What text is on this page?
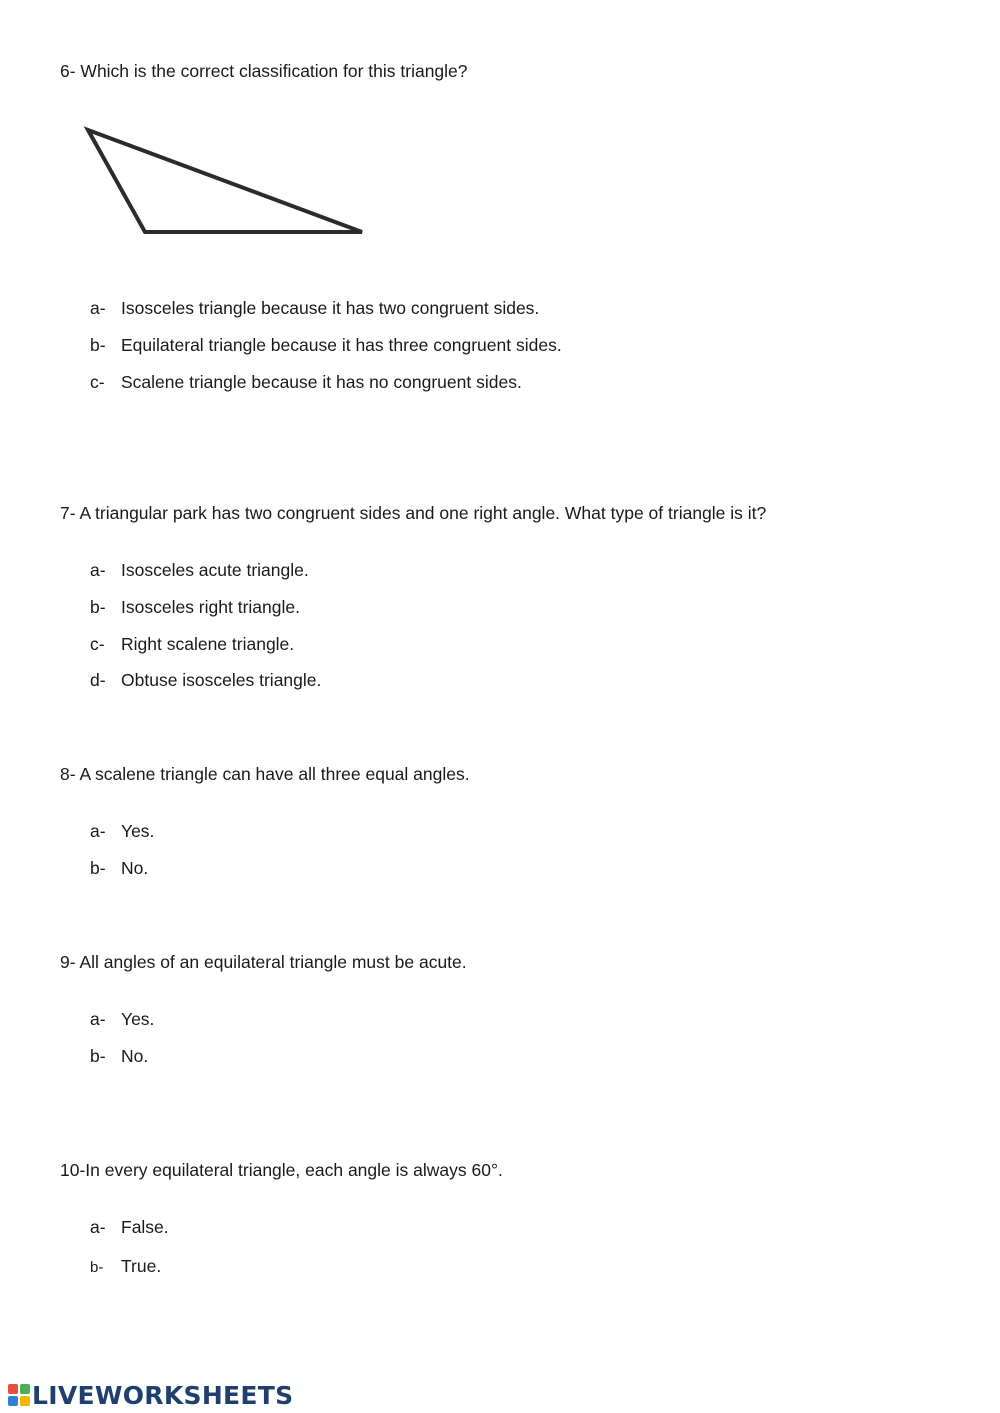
6- Which is the correct classification for this triangle?

a- Isosceles triangle because it has two congruent sides.
b- Equilateral triangle because it has three congruent sides.
c- Scalene triangle because it has no congruent sides.

7- A triangular park has two congruent sides and one right angle. What type of triangle is it?

a- Isosceles acute triangle.
b- Isosceles right triangle.
c- Right scalene triangle.
d- Obtuse isosceles triangle.

8- A scalene triangle can have all three equal angles.

a- Yes.
b- No.

9- All angles of an equilateral triangle must be acute.

a- Yes.
b- No.

10-In every equilateral triangle, each angle is always 60°.

a- False.
b- True.
LIVEWORKSHEETS
